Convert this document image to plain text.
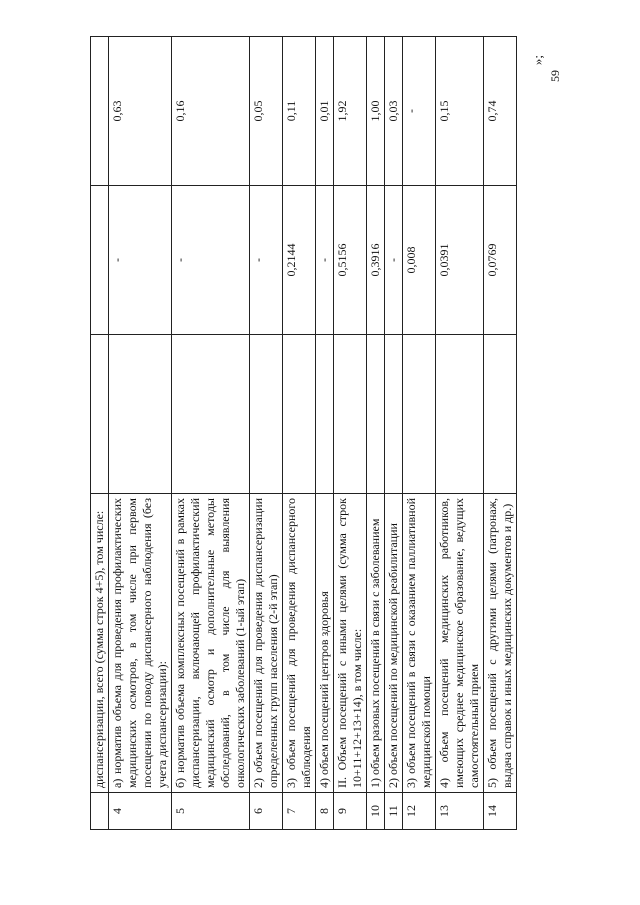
59
»;
	диспансеризации, всего (сумма строк 4+5), том числе:			
4	а) норматив объема для проведения профилактических медицинских осмотров, в том числе при первом посещении по поводу диспансерного наблюдения (без учета диспансеризации):		-	0,63
5	б) норматив объема комплексных посещений в рамках диспансеризации, включающей профилактический медицинский осмотр и дополнительные методы обследований, в том числе для выявления онкологических заболеваний (1-ый этап)		-	0,16
6	2) объем посещений для проведения диспансеризации определенных групп населения (2-й этап)		-	0,05
7	3) объем посещений для проведения диспансерного наблюдения		0,2144	0,11
8	4) объем посещений центров здоровья		-	0,01
9	II. Объем посещений с иными целями (сумма строк 10+11+12+13+14), в том числе:		0,5156	1,92
10	1) объем разовых посещений в связи с заболеванием		0,3916	1,00
11	2) объем посещений по медицинской реабилитации		-	0,03
12	3) объем посещений в связи с оказанием паллиативной медицинской помощи		0,008	-
13	4) объем посещений медицинских работников, имеющих среднее медицинское образование, ведущих самостоятельный прием		0,0391	0,15
14	5) объем посещений с другими целями (патронаж, выдача справок и иных медицинских документов и др.)		0,0769	0,74
